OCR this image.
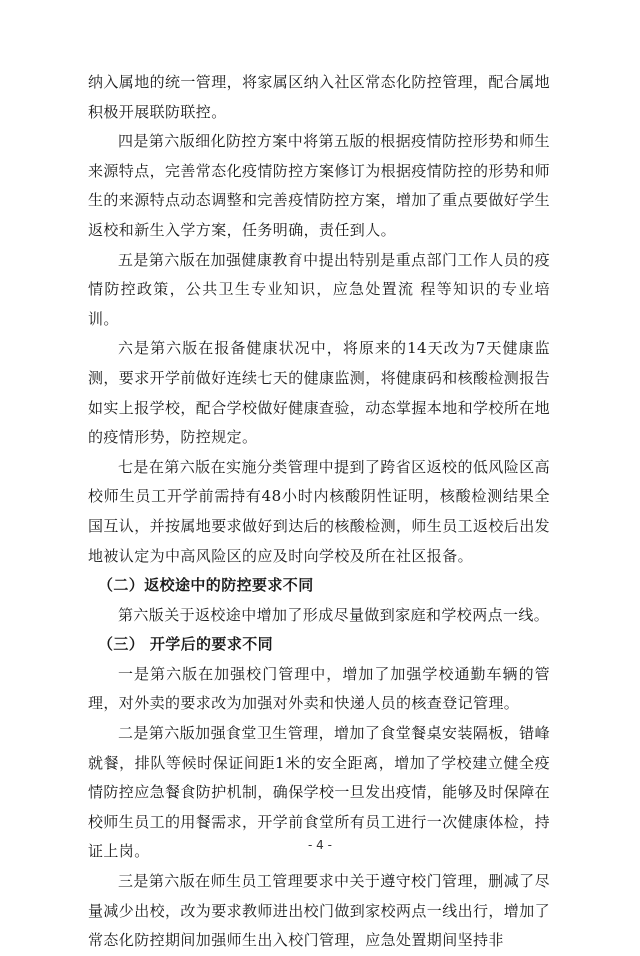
纳入属地的统一管理，将家属区纳入社区常态化防控管理，配合属地积极开展联防联控。

四是第六版细化防控方案中将第五版的根据疫情防控形势和师生来源特点，完善常态化疫情防控方案修订为根据疫情防控的形势和师生的来源特点动态调整和完善疫情防控方案，增加了重点要做好学生返校和新生入学方案，任务明确，责任到人。

五是第六版在加强健康教育中提出特别是重点部门工作人员的疫情防控政策，公共卫生专业知识，应急处置流 程等知识的专业培训。

六是第六版在报备健康状况中，将原来的14天改为7天健康监测，要求开学前做好连续七天的健康监测，将健康码和核酸检测报告如实上报学校，配合学校做好健康查验，动态掌握本地和学校所在地的疫情形势，防控规定。

七是在第六版在实施分类管理中提到了跨省区返校的低风险区高校师生员工开学前需持有48小时内核酸阴性证明，核酸检测结果全国互认，并按属地要求做好到达后的核酸检测，师生员工返校后出发地被认定为中高风险区的应及时向学校及所在社区报备。

（二）返校途中的防控要求不同

第六版关于返校途中增加了形成尽量做到家庭和学校两点一线。

（三） 开学后的要求不同

一是第六版在加强校门管理中，增加了加强学校通勤车辆的管理，对外卖的要求改为加强对外卖和快递人员的核查登记管理。

二是第六版加强食堂卫生管理，增加了食堂餐桌安装隔板，错峰就餐，排队等候时保证间距1米的安全距离，增加了学校建立健全疫情防控应急餐食防护机制，确保学校一旦发出疫情，能够及时保障在校师生员工的用餐需求，开学前食堂所有员工进行一次健康体检，持证上岗。

三是第六版在师生员工管理要求中关于遵守校门管理，删减了尽量减少出校，改为要求教师进出校门做到家校两点一线出行，增加了常态化防控期间加强师生出入校门管理，应急处置期间坚持非

- 4 -
